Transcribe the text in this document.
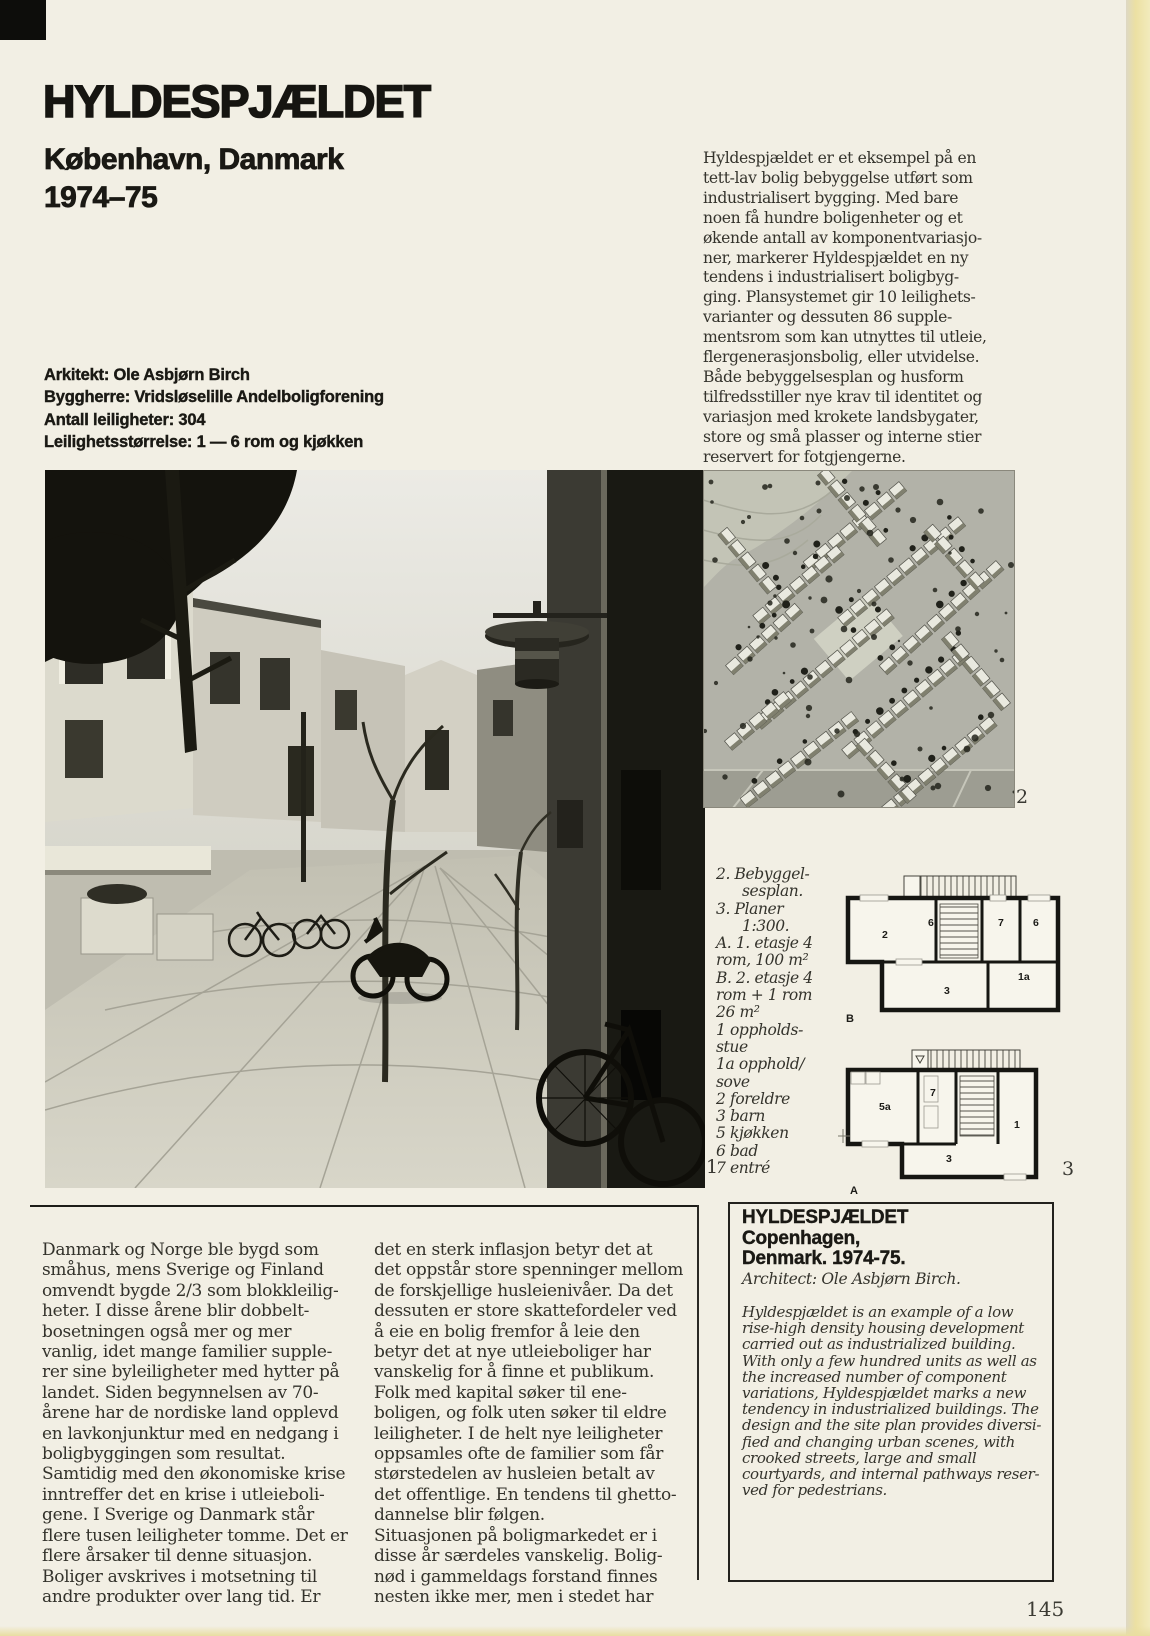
HYLDESPJÆLDET
København, Danmark
1974–75
Arkitekt: Ole Asbjørn Birch
Byggherre: Vridsløselille Andelboligforening
Antall leiligheter: 304
Leilighetsstørrelse: 1 — 6 rom og kjøkken
Hyldespjældet er et eksempel på en
tett-lav bolig bebyggelse utført som
industrialisert bygging. Med bare
noen få hundre boligenheter og et
økende antall av komponentvariasjo-
ner, markerer Hyldespjældet en ny
tendens i industrialisert boligbyg-
ging. Plansystemet gir 10 leilighets-
varianter og dessuten 86 supple-
mentsrom som kan utnyttes til utleie,
flergenerasjonsbolig, eller utvidelse.
Både bebyggelsesplan og husform
tilfredsstiller nye krav til identitet og
variasjon med krokete landsbygater,
store og små plasser og interne stier
reservert for fotgjengerne.
1
2
2. Bebyggel-
sesplan.
3. Planer
1:300.
A. 1. etasje 4
rom, 100 m²
B. 2. etasje 4
rom + 1 rom
26 m²
1 oppholds-
stue
1a opphold/
sove
2 foreldre
3 barn
5 kjøkken
6 bad
7 entré
2
6	7	6
3
1a
B
5a
7
1
3
A
3
Danmark og Norge ble bygd som
småhus, mens Sverige og Finland
omvendt bygde 2/3 som blokkleilig-
heter. I disse årene blir dobbelt-
bosetningen også mer og mer
vanlig, idet mange familier supple-
rer sine byleiligheter med hytter på
landet. Siden begynnelsen av 70-
årene har de nordiske land opplevd
en lavkonjunktur med en nedgang i
boligbyggingen som resultat.
Samtidig med den økonomiske krise
inntreffer det en krise i utleieboli-
gene. I Sverige og Danmark står
flere tusen leiligheter tomme. Det er
flere årsaker til denne situasjon.
Boliger avskrives i motsetning til
andre produkter over lang tid. Er
det en sterk inflasjon betyr det at
det oppstår store spenninger mellom
de forskjellige husleienivåer. Da det
dessuten er store skattefordeler ved
å eie en bolig fremfor å leie den
betyr det at nye utleieboliger har
vanskelig for å finne et publikum.
Folk med kapital søker til ene-
boligen, og folk uten søker til eldre
leiligheter. I de helt nye leiligheter
oppsamles ofte de familier som får
størstedelen av husleien betalt av
det offentlige. En tendens til ghetto-
dannelse blir følgen.
Situasjonen på boligmarkedet er i
disse år særdeles vanskelig. Bolig-
nød i gammeldags forstand finnes
nesten ikke mer, men i stedet har
HYLDESPJÆLDET
Copenhagen,
Denmark. 1974-75.
Architect: Ole Asbjørn Birch.
Hyldespjældet is an example of a low
rise-high density housing development
carried out as industrialized building.
With only a few hundred units as well as
the increased number of component
variations, Hyldespjældet marks a new
tendency in industrialized buildings. The
design and the site plan provides diversi-
fied and changing urban scenes, with
crooked streets, large and small
courtyards, and internal pathways reser-
ved for pedestrians.
145
